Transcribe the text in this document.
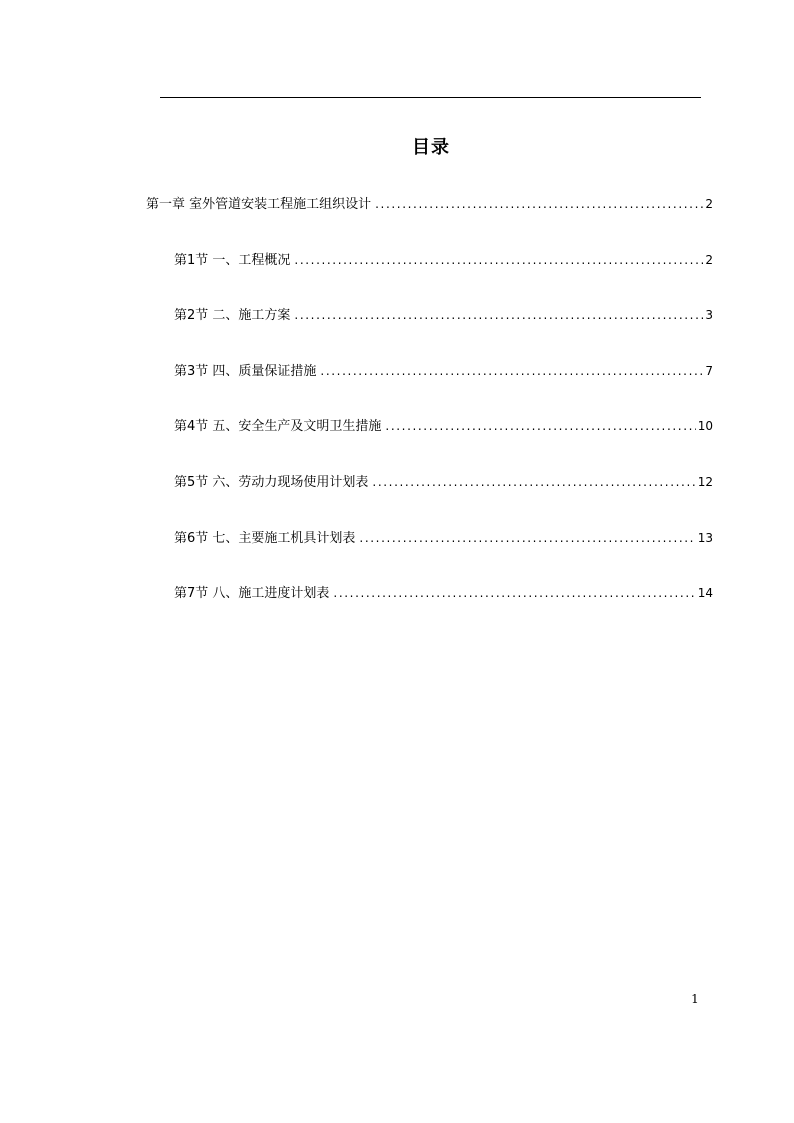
目录
第一章 室外管道安装工程施工组织设计 .....	2
第1节 一、工程概况 .....	2
第2节 二、施工方案 .....	3
第3节 四、质量保证措施 .....	7
第4节 五、安全生产及文明卫生措施 .....	10
第5节 六、劳动力现场使用计划表 .....	12
第6节 七、主要施工机具计划表 .....	13
第7节 八、施工进度计划表 .....	14
1
